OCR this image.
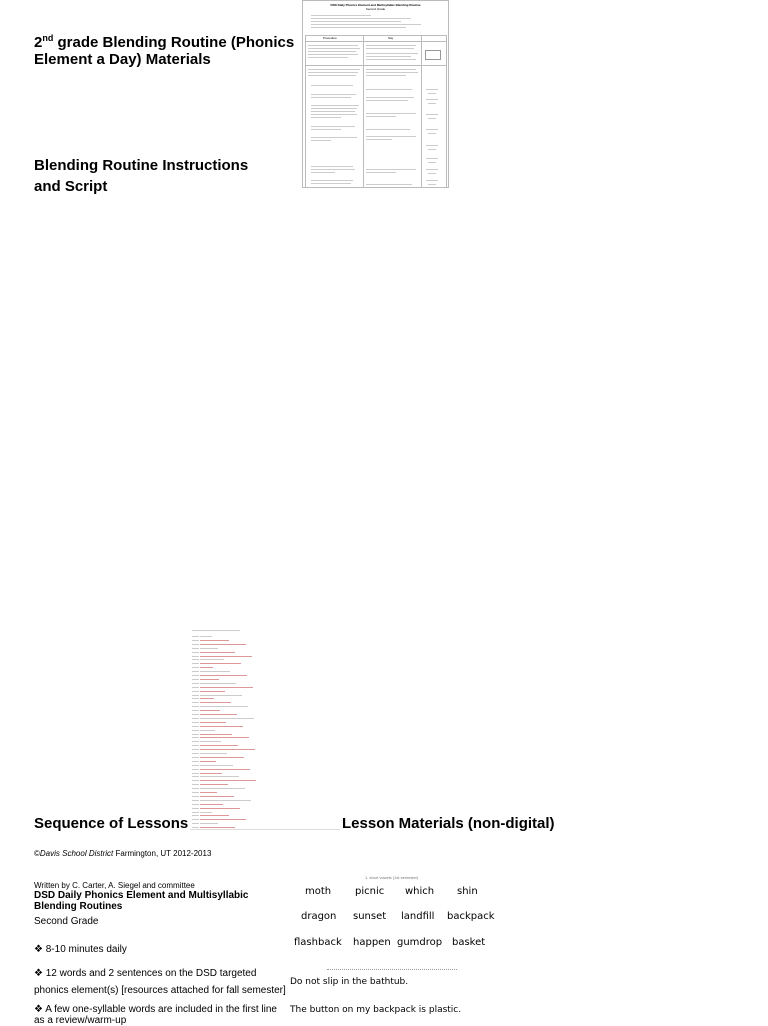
2nd grade Blending Routine (Phonics
Element a Day) Materials
Blending Routine Instructions
and Script
DSD Daily Phonics Element and Multisyllabic Blending Routine
Second Grade
Procedure	Say
Sequence of Lessons	Lesson Materials (non-digital)
©Davis School District Farmington, UT 2012-2013
Written by C. Carter, A. Siegel and committee
DSD Daily Phonics Element and Multisyllabic
Blending Routines
Second Grade
❖ 8-10 minutes daily
❖ 12 words and 2 sentences on the DSD targeted phonics element(s) [resources attached for fall semester]
❖ A few one-syllable words are included in the first line as a review/warm-up
1. short vowels (1st semester)
moth picnic which shin
dragon sunset landfill backpack
flashback happen gumdrop basket
Do not slip in the bathtub.
The button on my backpack is plastic.
